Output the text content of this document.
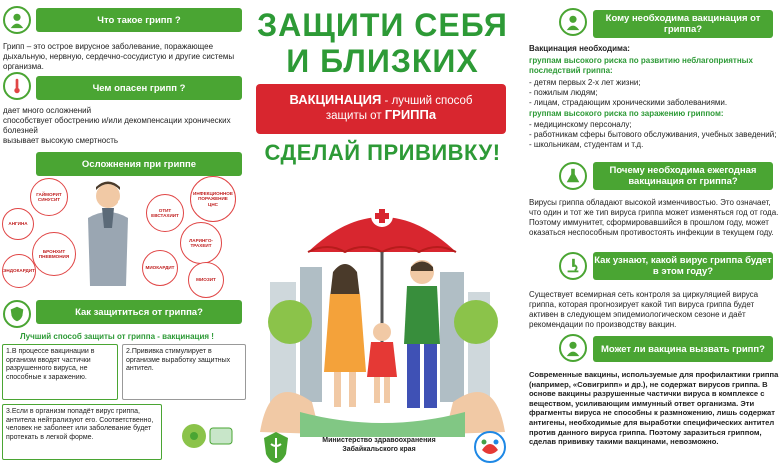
Что такое грипп ?
Грипп – это острое вирусное заболевание, поражающее дыхальную, нервную, сердечно-сосудистую и другие системы организма.
Чем опасен грипп ?
дает много осложнений
способствует обострению и/или декомпенсации хронических болезней
вызывает высокую смертность
Осложнения при гриппе
ГАЙМОРИТ СИНУСИТ
ИНФЕКЦИОННОЕ ПОРАЖЕНИЕ ЦНС
ОТИТ ЕВСТАХИИТ
АНГИНА
ЛАРИНГО-ТРАХЕИТ
БРОНХИТ ПНЕВМОНИЯ
ЭНДОКАРДИТ
МИОКАРДИТ
МИОЗИТ
Как защититься от гриппа?
Лучший способ защиты от гриппа - вакцинация !
1.В процессе вакцинации в организм вводят частички разрушенного вируса, не способные к заражению.
2.Прививка стимулирует в организме выработку защитных антител.
3.Если в организм попадёт вирус гриппа, антитела нейтрализуют его. Соответственно, человек не заболеет или заболевание будет протекать в легкой форме.
ЗАЩИТИ СЕБЯ
И БЛИЗКИХ
ВАКЦИНАЦИЯ - лучший способ
защиты от ГРИППа
СДЕЛАЙ ПРИВИВКУ!
Министерство здравоохранения Забайкальского края
Кому необходима вакцинация от гриппа?
Вакцинация необходима:
группам высокого риска по развитию неблагоприятных последствий гриппа:
- детям первых 2-х лет жизни;
- пожилым людям;
- лицам, страдающим хроническими заболеваниями.
группам высокого риска по заражению гриппом:
- медицинскому персоналу;
- работникам сферы бытового обслуживания, учебных заведений;
- школьникам, студентам и т.д.
Почему необходима ежегодная вакцинация от гриппа?
Вирусы гриппа обладают высокой изменчивостью. Это означает, что один и тот же тип вируса гриппа может изменяться год от года. Поэтому иммунитет, сформировавшийся в прошлом году, может оказаться неспособным противостоять инфекции в текущем году.
Как узнают, какой вирус гриппа будет в этом году?
Существует всемирная сеть контроля за циркуляцией вируса гриппа, которая прогнозирует какой тип вируса гриппа будет активен в следующем эпидемиологическом сезоне и даёт рекомендации по производству вакцин.
Может ли вакцина вызвать грипп?
Современные вакцины, используемые для профилактики гриппа (например, «Совигрипп» и др.), не содержат вирусов гриппа. В основе вакцины разрушенные частички вируса в комплексе с веществом, усиливающим иммунный ответ организма. Эти фрагменты вируса не способны к размножению, лишь содержат антигены, необходимые для выработки специфических антител против данного вируса гриппа. Поэтому заразиться гриппом, сделав прививку такими вакцинами, невозможно.
